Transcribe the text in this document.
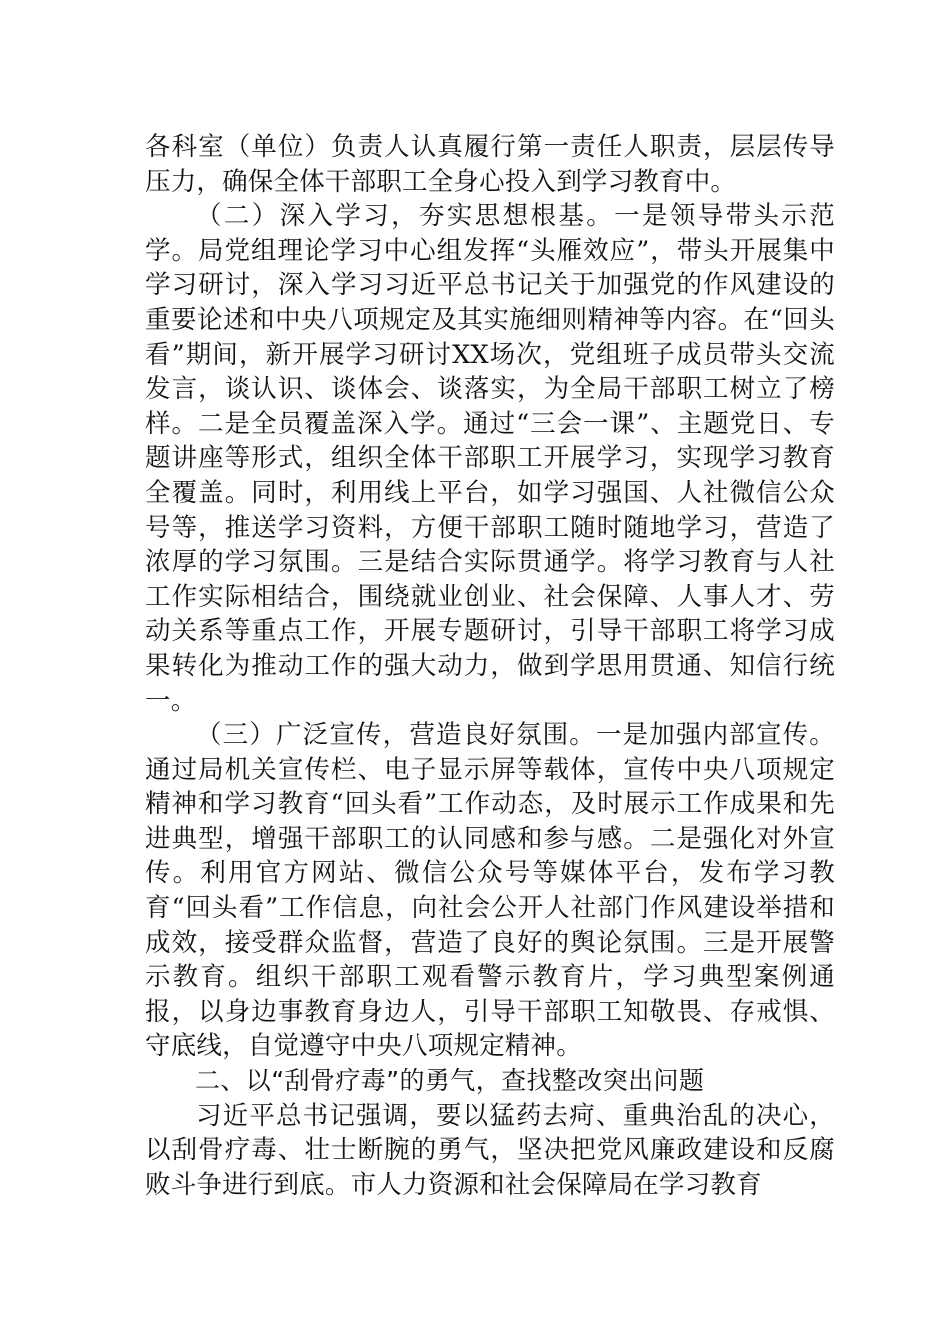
各科室（单位）负责人认真履行第一责任人职责，层层传导压力，确保全体干部职工全身心投入到学习教育中。

（二）深入学习，夯实思想根基。一是领导带头示范学。局党组理论学习中心组发挥“头雁效应”，带头开展集中学习研讨，深入学习习近平总书记关于加强党的作风建设的重要论述和中央八项规定及其实施细则精神等内容。在“回头看”期间，新开展学习研讨XX场次，党组班子成员带头交流发言，谈认识、谈体会、谈落实，为全局干部职工树立了榜样。二是全员覆盖深入学。通过“三会一课”、主题党日、专题讲座等形式，组织全体干部职工开展学习，实现学习教育全覆盖。同时，利用线上平台，如学习强国、人社微信公众号等，推送学习资料，方便干部职工随时随地学习，营造了浓厚的学习氛围。三是结合实际贯通学。将学习教育与人社工作实际相结合，围绕就业创业、社会保障、人事人才、劳动关系等重点工作，开展专题研讨，引导干部职工将学习成果转化为推动工作的强大动力，做到学思用贯通、知信行统一。

（三）广泛宣传，营造良好氛围。一是加强内部宣传。通过局机关宣传栏、电子显示屏等载体，宣传中央八项规定精神和学习教育“回头看”工作动态，及时展示工作成果和先进典型，增强干部职工的认同感和参与感。二是强化对外宣传。利用官方网站、微信公众号等媒体平台，发布学习教育“回头看”工作信息，向社会公开人社部门作风建设举措和成效，接受群众监督，营造了良好的舆论氛围。三是开展警示教育。组织干部职工观看警示教育片，学习典型案例通报，以身边事教育身边人，引导干部职工知敬畏、存戒惧、守底线，自觉遵守中央八项规定精神。

二、以“刮骨疗毒”的勇气，查找整改突出问题

习近平总书记强调，要以猛药去疴、重典治乱的决心，以刮骨疗毒、壮士断腕的勇气，坚决把党风廉政建设和反腐败斗争进行到底。市人力资源和社会保障局在学习教育
